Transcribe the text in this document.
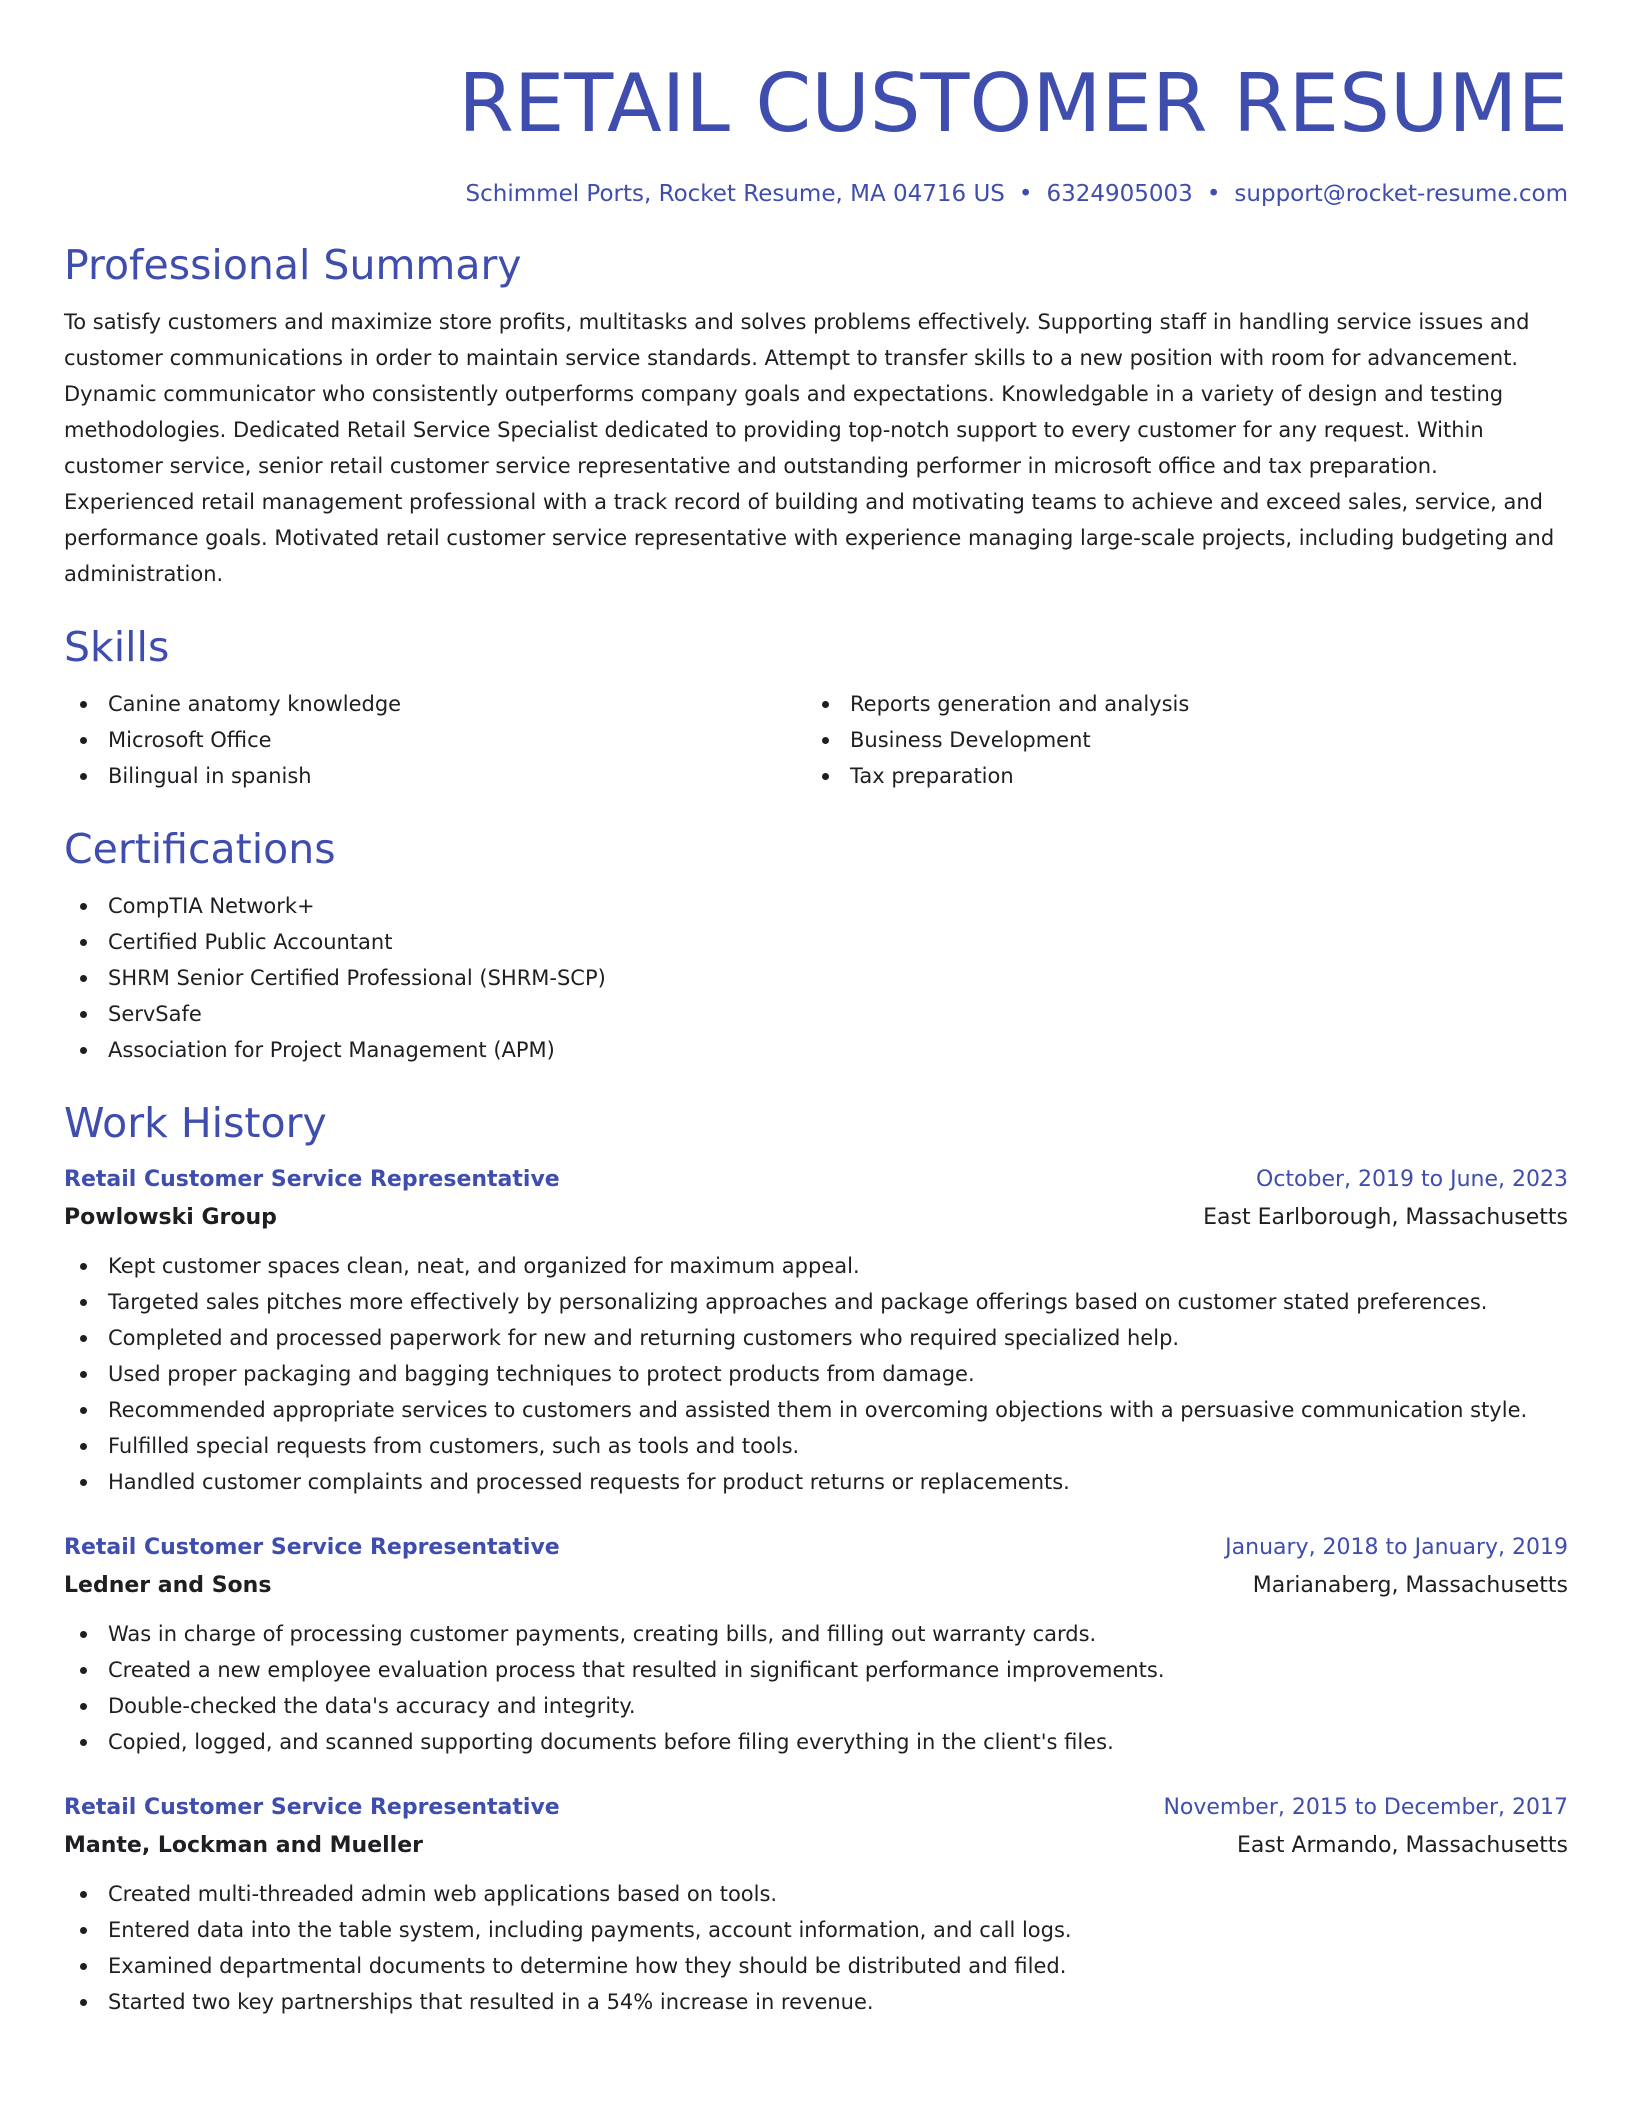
RETAIL CUSTOMER RESUME
Schimmel Ports, Rocket Resume, MA 04716 US • 6324905003 • support@rocket-resume.com
Professional Summary

To satisfy customers and maximize store profits, multitasks and solves problems effectively. Supporting staff in handling service issues and customer communications in order to maintain service standards. Attempt to transfer skills to a new position with room for advancement. Dynamic communicator who consistently outperforms company goals and expectations. Knowledgable in a variety of design and testing methodologies. Dedicated Retail Service Specialist dedicated to providing top-notch support to every customer for any request. Within customer service, senior retail customer service representative and outstanding performer in microsoft office and tax preparation. Experienced retail management professional with a track record of building and motivating teams to achieve and exceed sales, service, and performance goals. Motivated retail customer service representative with experience managing large-scale projects, including budgeting and administration.

Skills
Canine anatomy knowledge
Microsoft Office
Bilingual in spanish
Reports generation and analysis
Business Development
Tax preparation
Certifications
CompTIA Network+
Certified Public Accountant
SHRM Senior Certified Professional (SHRM-SCP)
ServSafe
Association for Project Management (APM)
Work History
Retail Customer Service Representative	October, 2019 to June, 2023
Powlowski Group	East Earlborough, Massachusetts
Kept customer spaces clean, neat, and organized for maximum appeal.
Targeted sales pitches more effectively by personalizing approaches and package offerings based on customer stated preferences.
Completed and processed paperwork for new and returning customers who required specialized help.
Used proper packaging and bagging techniques to protect products from damage.
Recommended appropriate services to customers and assisted them in overcoming objections with a persuasive communication style.
Fulfilled special requests from customers, such as tools and tools.
Handled customer complaints and processed requests for product returns or replacements.
Retail Customer Service Representative	January, 2018 to January, 2019
Ledner and Sons	Marianaberg, Massachusetts
Was in charge of processing customer payments, creating bills, and filling out warranty cards.
Created a new employee evaluation process that resulted in significant performance improvements.
Double-checked the data's accuracy and integrity.
Copied, logged, and scanned supporting documents before filing everything in the client's files.
Retail Customer Service Representative	November, 2015 to December, 2017
Mante, Lockman and Mueller	East Armando, Massachusetts
Created multi-threaded admin web applications based on tools.
Entered data into the table system, including payments, account information, and call logs.
Examined departmental documents to determine how they should be distributed and filed.
Started two key partnerships that resulted in a 54% increase in revenue.
